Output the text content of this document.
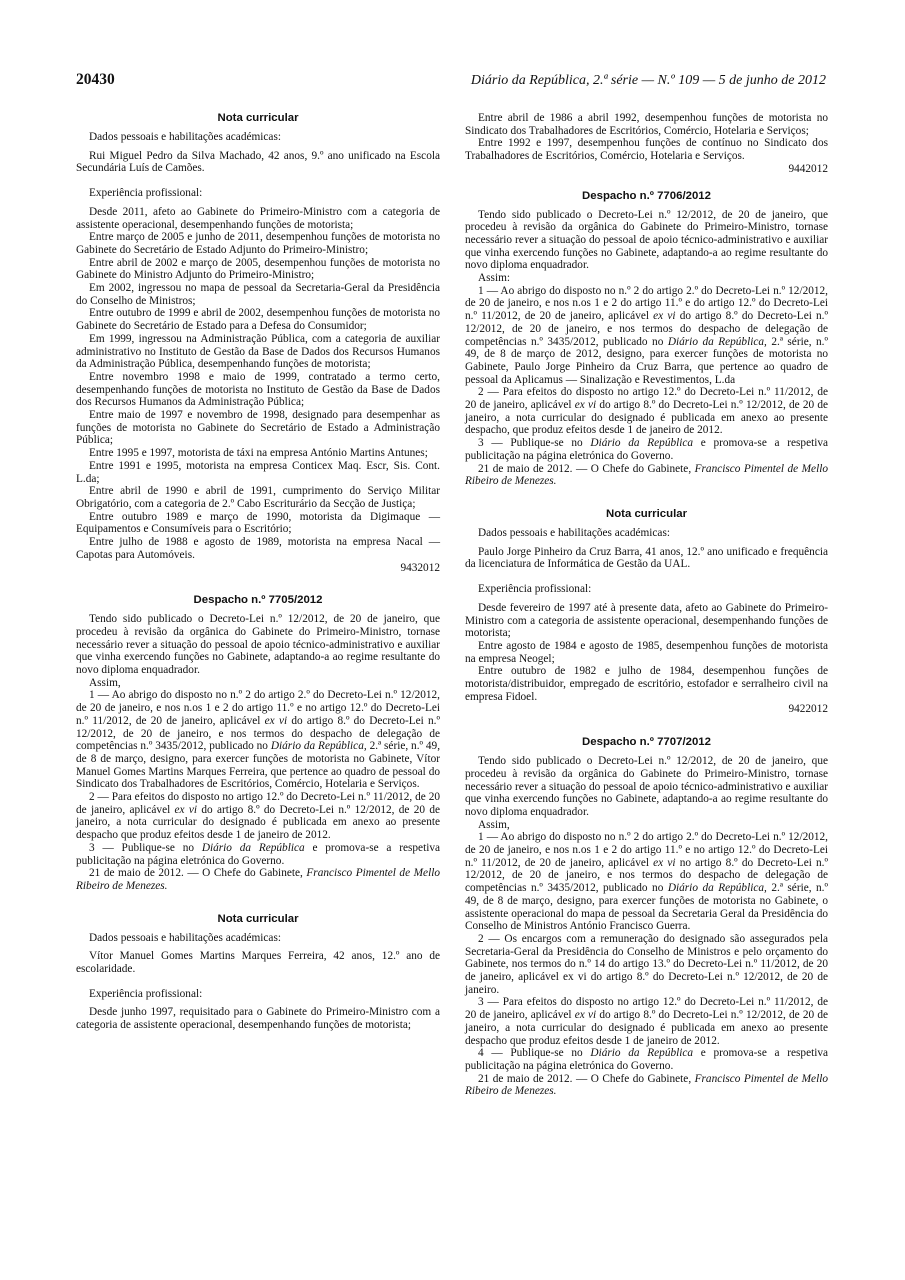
20430	Diário da República, 2.ª série — N.º 109 — 5 de junho de 2012

Nota curricular

Dados pessoais e habilitações académicas:

Rui Miguel Pedro da Silva Machado, 42 anos, 9.º ano unificado na Escola Secundária Luís de Camões.

Experiência profissional:

Desde 2011, afeto ao Gabinete do Primeiro-Ministro com a categoria de assistente operacional, desempenhando funções de motorista;

Entre março de 2005 e junho de 2011, desempenhou funções de motorista no Gabinete do Secretário de Estado Adjunto do Primeiro-Ministro;

Entre abril de 2002 e março de 2005, desempenhou funções de motorista no Gabinete do Ministro Adjunto do Primeiro-Ministro;

Em 2002, ingressou no mapa de pessoal da Secretaria-Geral da Presidência do Conselho de Ministros;

Entre outubro de 1999 e abril de 2002, desempenhou funções de motorista no Gabinete do Secretário de Estado para a Defesa do Consumidor;

Em 1999, ingressou na Administração Pública, com a categoria de auxiliar administrativo no Instituto de Gestão da Base de Dados dos Recursos Humanos da Administração Pública, desempenhando funções de motorista;

Entre novembro 1998 e maio de 1999, contratado a termo certo, desempenhando funções de motorista no Instituto de Gestão da Base de Dados dos Recursos Humanos da Administração Pública;

Entre maio de 1997 e novembro de 1998, designado para desempenhar as funções de motorista no Gabinete do Secretário de Estado a Administração Pública;

Entre 1995 e 1997, motorista de táxi na empresa António Martins Antunes;

Entre 1991 e 1995, motorista na empresa Conticex Maq. Escr, Sis. Cont. L.da;

Entre abril de 1990 e abril de 1991, cumprimento do Serviço Militar Obrigatório, com a categoria de 2.º Cabo Escriturário da Secção de Justiça;

Entre outubro 1989 e março de 1990, motorista da Digimaque — Equipamentos e Consumíveis para o Escritório;

Entre julho de 1988 e agosto de 1989, motorista na empresa Nacal — Capotas para Automóveis.

9432012

Despacho n.º 7705/2012

Tendo sido publicado o Decreto-Lei n.º 12/2012, de 20 de janeiro, que procedeu à revisão da orgânica do Gabinete do Primeiro-Ministro, tornase necessário rever a situação do pessoal de apoio técnico-administrativo e auxiliar que vinha exercendo funções no Gabinete, adaptando-a ao regime resultante do novo diploma enquadrador.

Assim,

1 — Ao abrigo do disposto no n.º 2 do artigo 2.º do Decreto-Lei n.º 12/2012, de 20 de janeiro, e nos n.os 1 e 2 do artigo 11.º e no artigo 12.º do Decreto-Lei n.º 11/2012, de 20 de janeiro, aplicável ex vi do artigo 8.º do Decreto-Lei n.º 12/2012, de 20 de janeiro, e nos termos do despacho de delegação de competências n.º 3435/2012, publicado no Diário da República, 2.ª série, n.º 49, de 8 de março, designo, para exercer funções de motorista no Gabinete, Vítor Manuel Gomes Martins Marques Ferreira, que pertence ao quadro de pessoal do Sindicato dos Trabalhadores de Escritórios, Comércio, Hotelaria e Serviços.

2 — Para efeitos do disposto no artigo 12.º do Decreto-Lei n.º 11/2012, de 20 de janeiro, aplicável ex vi do artigo 8.º do Decreto-Lei n.º 12/2012, de 20 de janeiro, a nota curricular do designado é publicada em anexo ao presente despacho que produz efeitos desde 1 de janeiro de 2012.

3 — Publique-se no Diário da República e promova-se a respetiva publicitação na página eletrónica do Governo.

21 de maio de 2012. — O Chefe do Gabinete, Francisco Pimentel de Mello Ribeiro de Menezes.

Nota curricular

Dados pessoais e habilitações académicas:

Vítor Manuel Gomes Martins Marques Ferreira, 42 anos, 12.º ano de escolaridade.

Experiência profissional:

Desde junho 1997, requisitado para o Gabinete do Primeiro-Ministro com a categoria de assistente operacional, desempenhando funções de motorista;

Entre abril de 1986 a abril 1992, desempenhou funções de motorista no Sindicato dos Trabalhadores de Escritórios, Comércio, Hotelaria e Serviços;

Entre 1992 e 1997, desempenhou funções de contínuo no Sindicato dos Trabalhadores de Escritórios, Comércio, Hotelaria e Serviços.

9442012

Despacho n.º 7706/2012

Tendo sido publicado o Decreto-Lei n.º 12/2012, de 20 de janeiro, que procedeu à revisão da orgânica do Gabinete do Primeiro-Ministro, tornase necessário rever a situação do pessoal de apoio técnico-administrativo e auxiliar que vinha exercendo funções no Gabinete, adaptando-a ao regime resultante do novo diploma enquadrador.

Assim:

1 — Ao abrigo do disposto no n.º 2 do artigo 2.º do Decreto-Lei n.º 12/2012, de 20 de janeiro, e nos n.os 1 e 2 do artigo 11.º e do artigo 12.º do Decreto-Lei n.º 11/2012, de 20 de janeiro, aplicável ex vi do artigo 8.º do Decreto-Lei n.º 12/2012, de 20 de janeiro, e nos termos do despacho de delegação de competências n.º 3435/2012, publicado no Diário da República, 2.ª série, n.º 49, de 8 de março de 2012, designo, para exercer funções de motorista no Gabinete, Paulo Jorge Pinheiro da Cruz Barra, que pertence ao quadro de pessoal da Aplicamus — Sinalização e Revestimentos, L.da

2 — Para efeitos do disposto no artigo 12.º do Decreto-Lei n.º 11/2012, de 20 de janeiro, aplicável ex vi do artigo 8.º do Decreto-Lei n.º 12/2012, de 20 de janeiro, a nota curricular do designado é publicada em anexo ao presente despacho, que produz efeitos desde 1 de janeiro de 2012.

3 — Publique-se no Diário da República e promova-se a respetiva publicitação na página eletrónica do Governo.

21 de maio de 2012. — O Chefe do Gabinete, Francisco Pimentel de Mello Ribeiro de Menezes.

Nota curricular

Dados pessoais e habilitações académicas:

Paulo Jorge Pinheiro da Cruz Barra, 41 anos, 12.º ano unificado e frequência da licenciatura de Informática de Gestão da UAL.

Experiência profissional:

Desde fevereiro de 1997 até à presente data, afeto ao Gabinete do Primeiro-Ministro com a categoria de assistente operacional, desempenhando funções de motorista;

Entre agosto de 1984 e agosto de 1985, desempenhou funções de motorista na empresa Neogel;

Entre outubro de 1982 e julho de 1984, desempenhou funções de motorista/distribuidor, empregado de escritório, estofador e serralheiro civil na empresa Fidoel.

9422012

Despacho n.º 7707/2012

Tendo sido publicado o Decreto-Lei n.º 12/2012, de 20 de janeiro, que procedeu à revisão da orgânica do Gabinete do Primeiro-Ministro, tornase necessário rever a situação do pessoal de apoio técnico-administrativo e auxiliar que vinha exercendo funções no Gabinete, adaptando-a ao regime resultante do novo diploma enquadrador.

Assim,

1 — Ao abrigo do disposto no n.º 2 do artigo 2.º do Decreto-Lei n.º 12/2012, de 20 de janeiro, e nos n.os 1 e 2 do artigo 11.º e no artigo 12.º do Decreto-Lei n.º 11/2012, de 20 de janeiro, aplicável ex vi no artigo 8.º do Decreto-Lei n.º 12/2012, de 20 de janeiro, e nos termos do despacho de delegação de competências n.º 3435/2012, publicado no Diário da República, 2.ª série, n.º 49, de 8 de março, designo, para exercer funções de motorista no Gabinete, o assistente operacional do mapa de pessoal da Secretaria Geral da Presidência do Conselho de Ministros António Francisco Guerra.

2 — Os encargos com a remuneração do designado são assegurados pela Secretaria-Geral da Presidência do Conselho de Ministros e pelo orçamento do Gabinete, nos termos do n.º 14 do artigo 13.º do Decreto-Lei n.º 11/2012, de 20 de janeiro, aplicável ex vi do artigo 8.º do Decreto-Lei n.º 12/2012, de 20 de janeiro.

3 — Para efeitos do disposto no artigo 12.º do Decreto-Lei n.º 11/2012, de 20 de janeiro, aplicável ex vi do artigo 8.º do Decreto-Lei n.º 12/2012, de 20 de janeiro, a nota curricular do designado é publicada em anexo ao presente despacho que produz efeitos desde 1 de janeiro de 2012.

4 — Publique-se no Diário da República e promova-se a respetiva publicitação na página eletrónica do Governo.

21 de maio de 2012. — O Chefe do Gabinete, Francisco Pimentel de Mello Ribeiro de Menezes.
